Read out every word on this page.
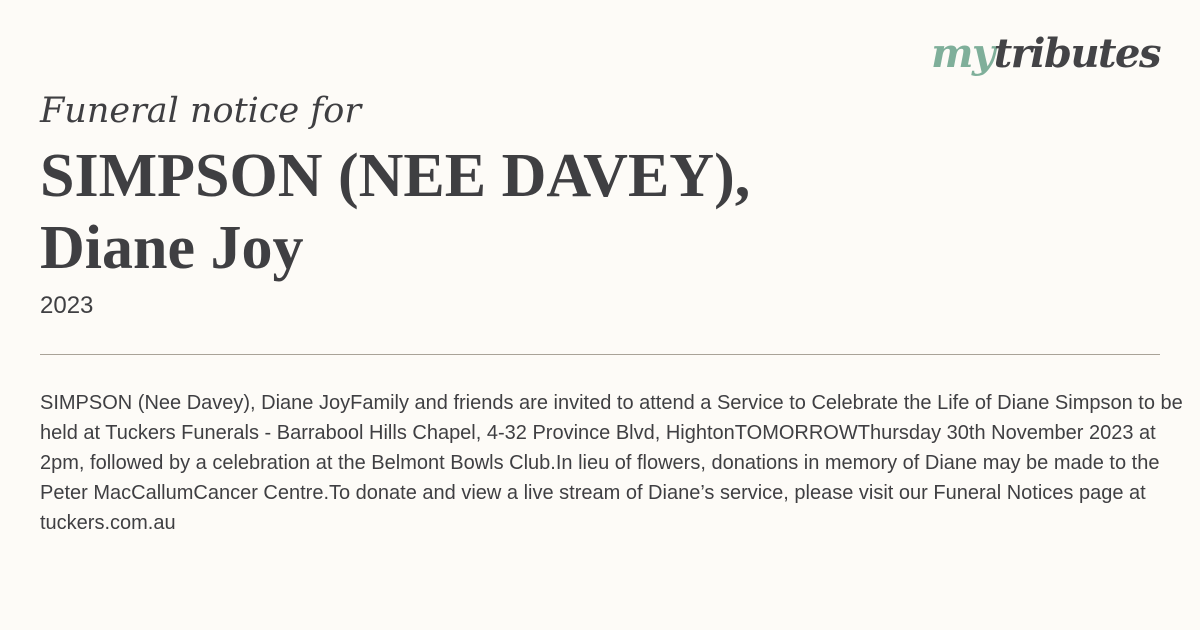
mytributes

Funeral notice for

SIMPSON (NEE DAVEY),
Diane Joy
2023

SIMPSON (Nee Davey), Diane JoyFamily and friends are invited to attend a Service to Celebrate the Life of Diane Simpson to be held at Tuckers Funerals - Barrabool Hills Chapel, 4-32 Province Blvd, HightonTOMORROWThursday 30th November 2023 at 2pm, followed by a celebration at the Belmont Bowls Club.In lieu of flowers, donations in memory of Diane may be made to the Peter MacCallumCancer Centre.To donate and view a live stream of Diane’s service, please visit our Funeral Notices page at tuckers.com.au
